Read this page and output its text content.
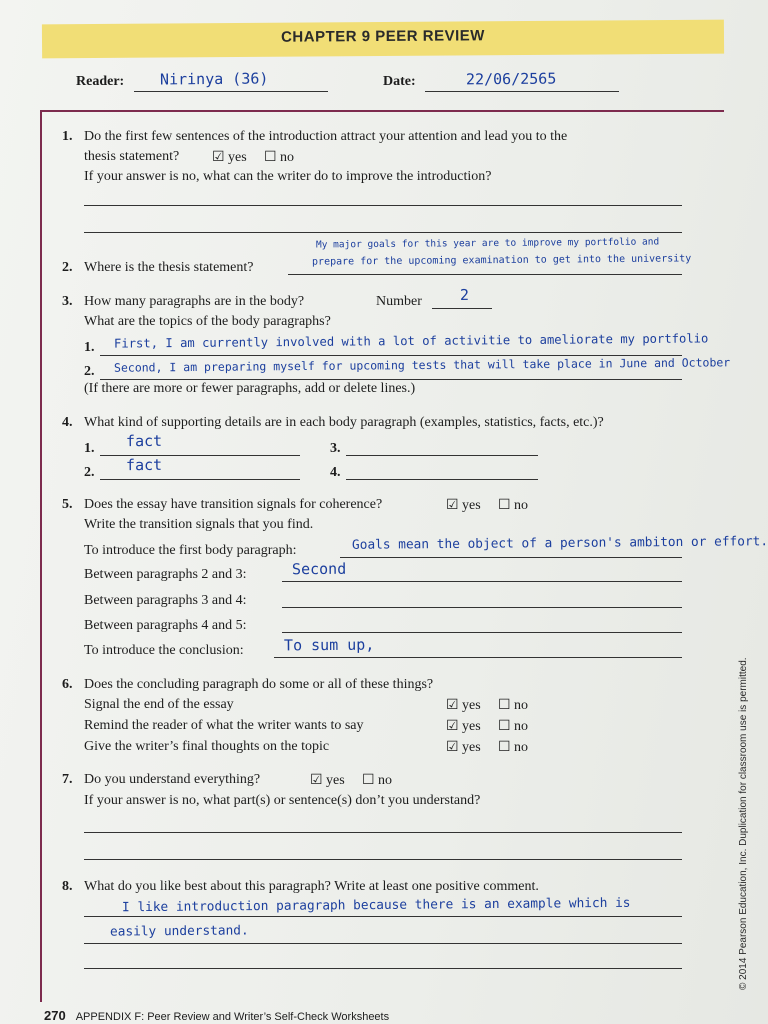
CHAPTER 9 PEER REVIEW
Reader: Nirinya (36)	Date:	22/06/2565
1. Do the first few sentences of the introduction attract your attention and lead you to the
thesis statement? ☑ yes ☐ no
If your answer is no, what can the writer do to improve the introduction?
My major goals for this year are to improve my portfolio and
2. Where is the thesis statement?	prepare for the upcoming examination to get into the university
3. How many paragraphs are in the body?	Number	2
What are the topics of the body paragraphs?
1. First, I am currently involved with a lot of activitie to ameliorate my portfolio
2. Second, I am preparing myself for upcoming tests that will take place in June and October
(If there are more or fewer paragraphs, add or delete lines.)
4. What kind of supporting details are in each body paragraph (examples, statistics, facts, etc.)?
1. fact	3.
2. fact	4.
5. Does the essay have transition signals for coherence?	☑ yes ☐ no
Write the transition signals that you find.
To introduce the first body paragraph:	Goals mean the object of a person's ambiton or effort.
Between paragraphs 2 and 3:	Second
Between paragraphs 3 and 4:
Between paragraphs 4 and 5:
To introduce the conclusion:	To sum up,
6. Does the concluding paragraph do some or all of these things?
Signal the end of the essay	☑ yes ☐ no
Remind the reader of what the writer wants to say	☑ yes ☐ no
Give the writer’s final thoughts on the topic	☑ yes ☐ no
7. Do you understand everything?	☑ yes ☐ no
If your answer is no, what part(s) or sentence(s) don’t you understand?
8. What do you like best about this paragraph? Write at least one positive comment.
I like introduction paragraph because there is an example which is
easily understand.	© 2014 Pearson Education, Inc. Duplication for classroom use is permitted.
270 APPENDIX F: Peer Review and Writer’s Self-Check Worksheets
